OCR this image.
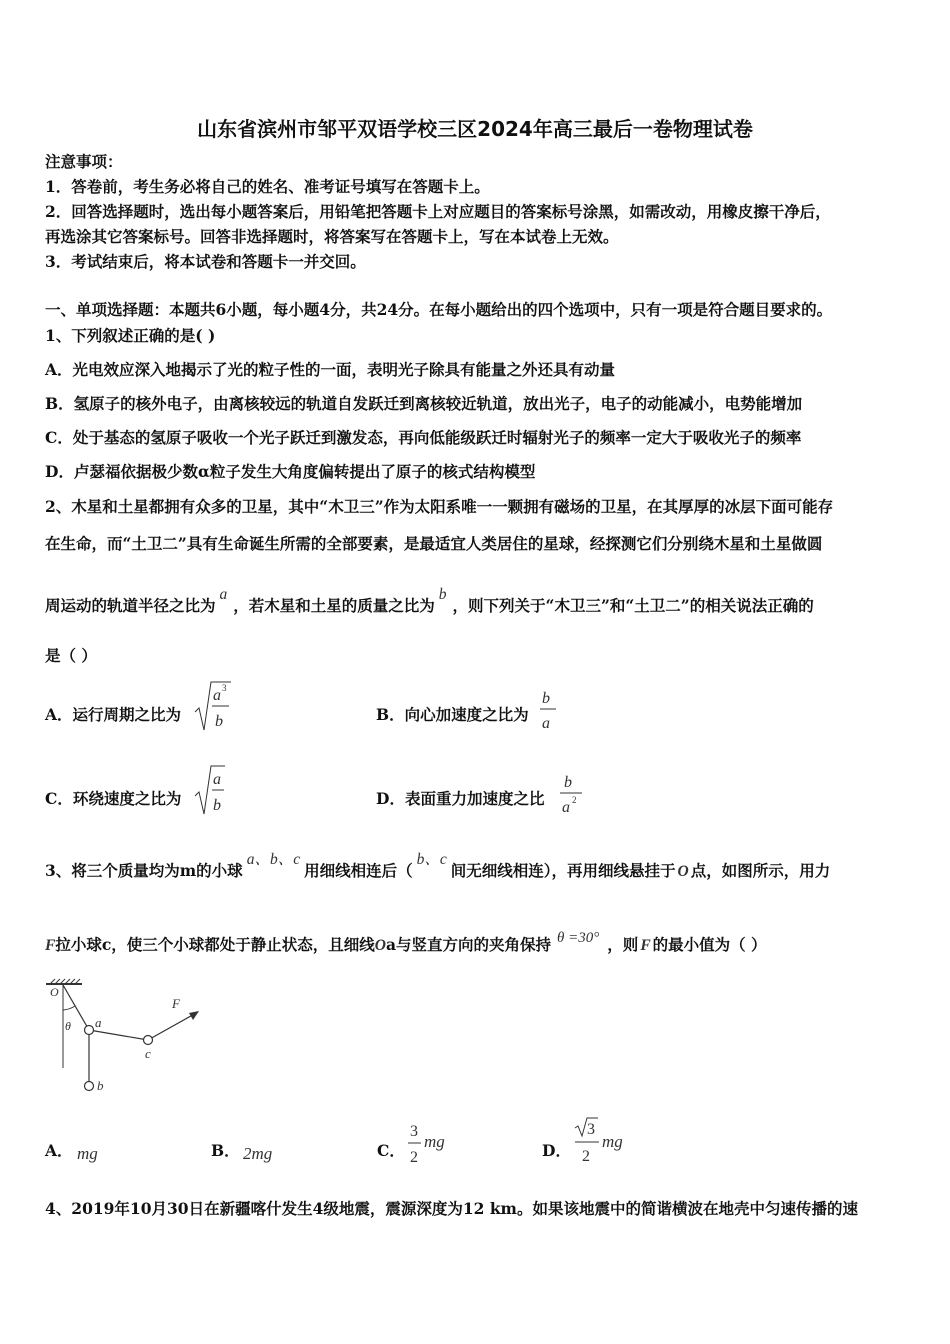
山东省滨州市邹平双语学校三区2024年高三最后一卷物理试卷
注意事项：
1．答卷前，考生务必将自己的姓名、准考证号填写在答题卡上。
2．回答选择题时，选出每小题答案后，用铅笔把答题卡上对应题目的答案标号涂黑，如需改动，用橡皮擦干净后，
再选涂其它答案标号。回答非选择题时，将答案写在答题卡上，写在本试卷上无效。
3．考试结束后，将本试卷和答题卡一并交回。
一、单项选择题：本题共6小题，每小题4分，共24分。在每小题给出的四个选项中，只有一项是符合题目要求的。
1、下列叙述正确的是( )
A．光电效应深入地揭示了光的粒子性的一面，表明光子除具有能量之外还具有动量
B．氢原子的核外电子，由离核较远的轨道自发跃迁到离核较近轨道，放出光子，电子的动能减小，电势能增加
C．处于基态的氢原子吸收一个光子跃迁到激发态，再向低能级跃迁时辐射光子的频率一定大于吸收光子的频率
D．卢瑟福依据极少数α粒子发生大角度偏转提出了原子的核式结构模型
2、木星和土星都拥有众多的卫星，其中“木卫三”作为太阳系唯一一颗拥有磁场的卫星，在其厚厚的冰层下面可能存
在生命，而“土卫二”具有生命诞生所需的全部要素，是最适宜人类居住的星球，经探测它们分别绕木星和土星做圆
周运动的轨道半径之比为a，若木星和土星的质量之比为b，则下列关于“木卫三”和“土卫二”的相关说法正确的
是（ ）
A．运行周期之比为
a 3
b	B．向心加速度之比为
b
a
C．环绕速度之比为
a
b	D．表面重力加速度之比
b
a 2
3、将三个质量均为m的小球a、b、c用细线相连后（b、c间无细线相连），再用细线悬挂于 O 点，如图所示，用力
F拉小球c，使三个小球都处于静止状态，且细线Oa与竖直方向的夹角保持 θ =30° ，则 F 的最小值为（ ）
O
θ a
b
c
F
A． mg	B． 2mg	C．
3
2
mg	D．
3
2
mg
4、2019年10月30日在新疆喀什发生4级地震，震源深度为12 km。如果该地震中的简谐横波在地壳中匀速传播的速
